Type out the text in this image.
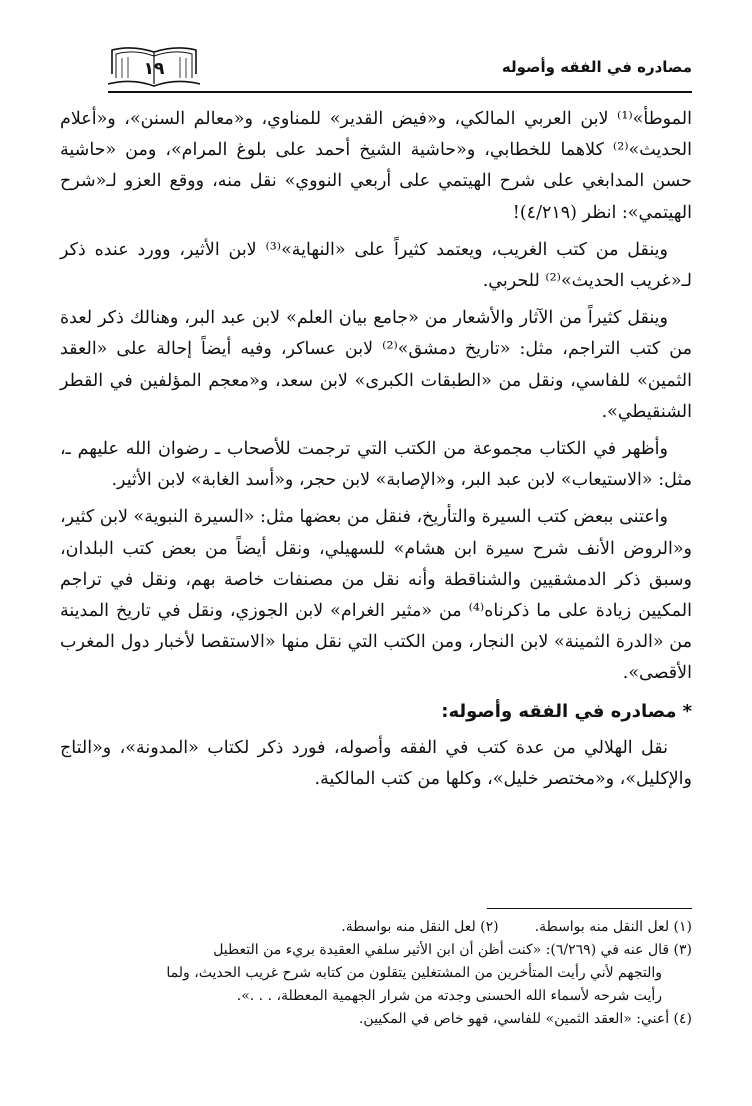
مصادره في الفقه وأصوله
١٩

الموطأ»⁽¹⁾ لابن العربي المالكي، و«فيض القدير» للمناوي، و«معالم السنن»، و«أعلام الحديث»⁽²⁾ كلاهما للخطابي، و«حاشية الشيخ أحمد على بلوغ المرام»، ومن «حاشية حسن المدابغي على شرح الهيتمي على أربعي النووي» نقل منه، ووقع العزو لـ«شرح الهيتمي»: انظر (٤/٢١٩)!

وينقل من كتب الغريب، ويعتمد كثيراً على «النهاية»⁽³⁾ لابن الأثير، وورد عنده ذكر لـ«غريب الحديث»⁽²⁾ للحربي.

وينقل كثيراً من الآثار والأشعار من «جامع بيان العلم» لابن عبد البر، وهنالك ذكر لعدة من كتب التراجم، مثل: «تاريخ دمشق»⁽²⁾ لابن عساكر، وفيه أيضاً إحالة على «العقد الثمين» للفاسي، ونقل من «الطبقات الكبرى» لابن سعد، و«معجم المؤلفين في القطر الشنقيطي».

وأظهر في الكتاب مجموعة من الكتب التي ترجمت للأصحاب ـ رضوان الله عليهم ـ، مثل: «الاستيعاب» لابن عبد البر، و«الإصابة» لابن حجر، و«أسد الغابة» لابن الأثير.

واعتنى ببعض كتب السيرة والتأريخ، فنقل من بعضها مثل: «السيرة النبوية» لابن كثير، و«الروض الأنف شرح سيرة ابن هشام» للسهيلي، ونقل أيضاً من بعض كتب البلدان، وسبق ذكر الدمشقيين والشناقطة وأنه نقل من مصنفات خاصة بهم، ونقل في تراجم المكيين زيادة على ما ذكرناه⁽⁴⁾ من «مثير الغرام» لابن الجوزي، ونقل في تاريخ المدينة من «الدرة الثمينة» لابن النجار، ومن الكتب التي نقل منها «الاستقصا لأخبار دول المغرب الأقصى».

*مصادره في الفقه وأصوله:

نقل الهلالي من عدة كتب في الفقه وأصوله، فورد ذكر لكتاب «المدونة»، و«التاج والإكليل»، و«مختصر خليل»، وكلها من كتب المالكية.

(١) لعل النقل منه بواسطة.(٢) لعل النقل منه بواسطة.

(٣) قال عنه في (٦/٢٦٩): «كنت أظن أن ابن الأثير سلفي العقيدة بريء من التعطيل

والتجهم لأني رأيت المتأخرين من المشتغلين يتقلون من كتابه شرح غريب الحديث، ولما

رأيت شرحه لأسماء الله الحسنى وجدته من شرار الجهمية المعطلة، . . .».

(٤) أعني: «العقد الثمين» للفاسي، فهو خاص في المكيين.
